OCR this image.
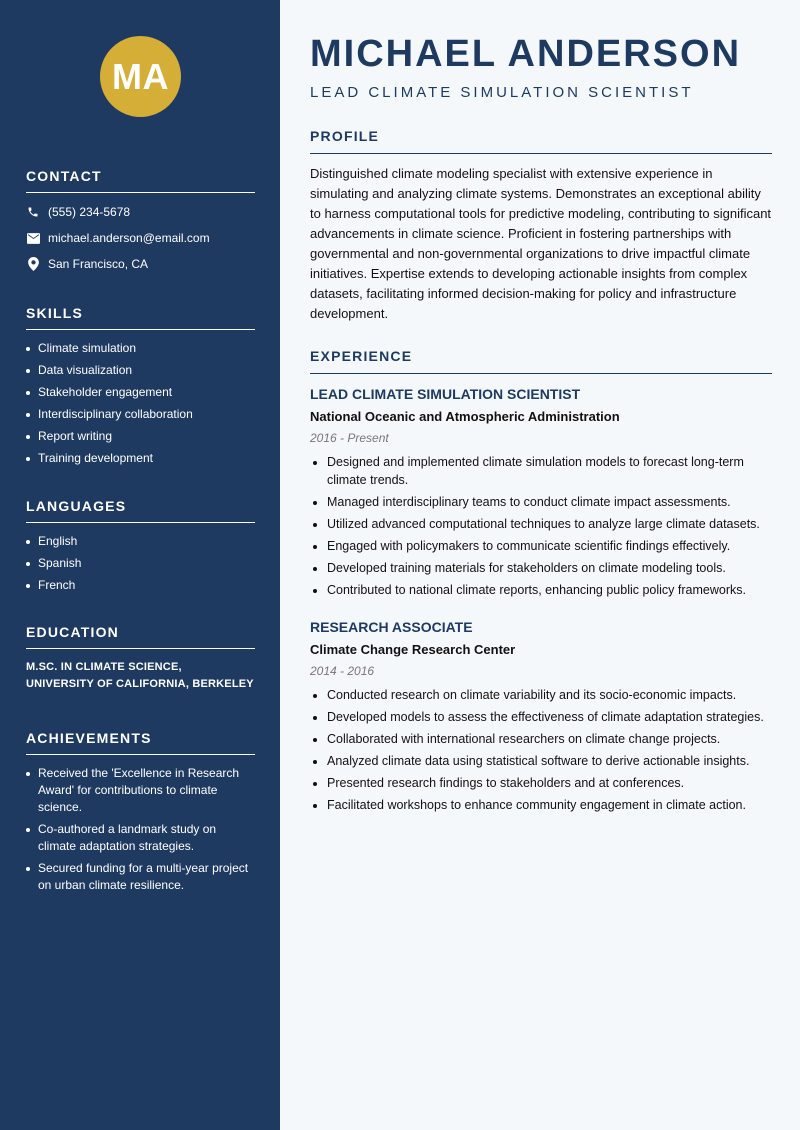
MA
CONTACT
(555) 234-5678
michael.anderson@email.com
San Francisco, CA
SKILLS
Climate simulation
Data visualization
Stakeholder engagement
Interdisciplinary collaboration
Report writing
Training development
LANGUAGES
English
Spanish
French
EDUCATION
M.SC. IN CLIMATE SCIENCE,
UNIVERSITY OF CALIFORNIA, BERKELEY
ACHIEVEMENTS
Received the 'Excellence in Research Award' for contributions to climate science.
Co-authored a landmark study on climate adaptation strategies.
Secured funding for a multi-year project on urban climate resilience.
MICHAEL ANDERSON
LEAD CLIMATE SIMULATION SCIENTIST
PROFILE
Distinguished climate modeling specialist with extensive experience in simulating and analyzing climate systems. Demonstrates an exceptional ability to harness computational tools for predictive modeling, contributing to significant advancements in climate science. Proficient in fostering partnerships with governmental and non-governmental organizations to drive impactful climate initiatives. Expertise extends to developing actionable insights from complex datasets, facilitating informed decision-making for policy and infrastructure development.
EXPERIENCE
LEAD CLIMATE SIMULATION SCIENTIST
National Oceanic and Atmospheric Administration
2016 - Present
Designed and implemented climate simulation models to forecast long-term climate trends.
Managed interdisciplinary teams to conduct climate impact assessments.
Utilized advanced computational techniques to analyze large climate datasets.
Engaged with policymakers to communicate scientific findings effectively.
Developed training materials for stakeholders on climate modeling tools.
Contributed to national climate reports, enhancing public policy frameworks.
RESEARCH ASSOCIATE
Climate Change Research Center
2014 - 2016
Conducted research on climate variability and its socio-economic impacts.
Developed models to assess the effectiveness of climate adaptation strategies.
Collaborated with international researchers on climate change projects.
Analyzed climate data using statistical software to derive actionable insights.
Presented research findings to stakeholders and at conferences.
Facilitated workshops to enhance community engagement in climate action.
